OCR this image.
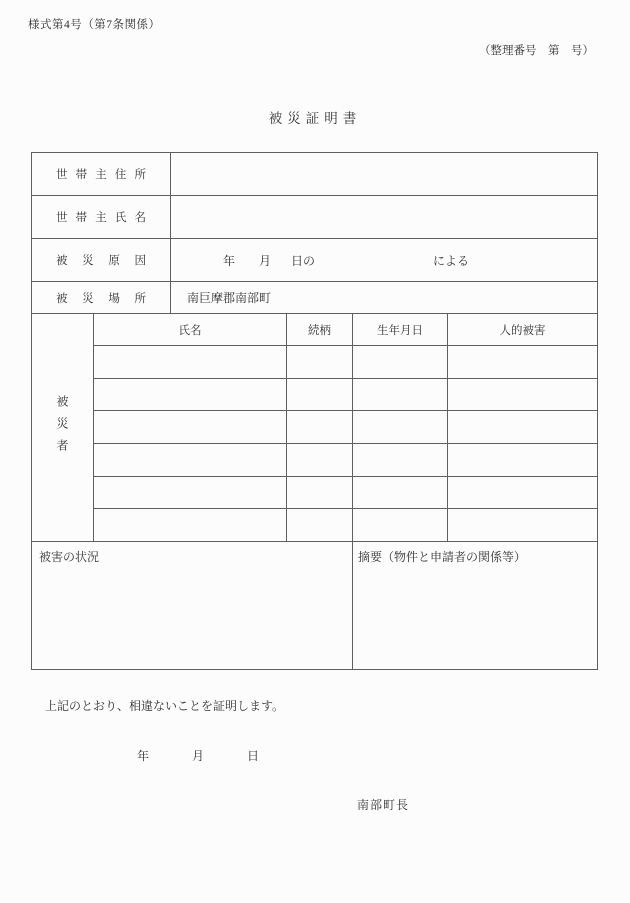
様式第4号（第7条関係）
（整理番号　第　号）
被災証明書
世帯主住所
世帯主氏名
被災原因	年 月 日の	による
被災場所	南巨摩郡南部町
被災者
氏名	続柄	生年月日	人的被害
被害の状況	摘要（物件と申請者の関係等）
上記のとおり、相違ないことを証明します。
年	月	日
南部町長
